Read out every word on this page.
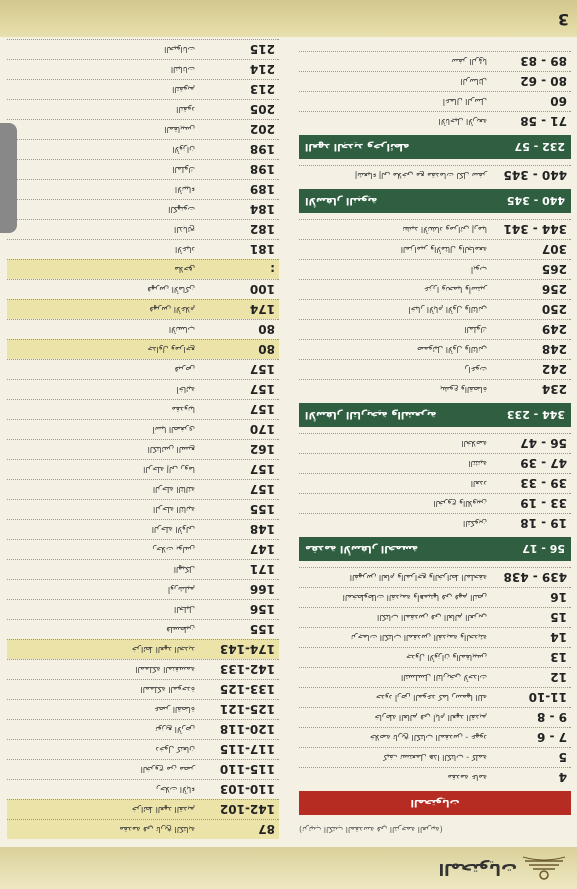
المحتويات
87
مقدمة في تاريخ الكتابة
142-102
خرائط العهد القديم
110-103
رحلات الآباء
115-110
الخروج من مصر
117-115
دخول كنعان
120-118
توزيع الأرض
125-121
عصر القضاة
133-125
المملكة الموحدة
142-133
المملكة المنقسمة
174-143
خرائط العهد الجديد
155
فلسطين
156
الجليل
166
أورشليم
171
الهيكل
147
رحلات بولس
148
الرحلة الأولى
155
الرحلة الثانية
157
الرحلة الثالثة
157
الرحلة إلى روما
162
الكنائس السبع
170
آسيا الصغرى
157
مقدونيا
157
أخائية
157
قبرص
80
جداول ومراجع
80
الأنساب
174
فهرس الأعلام
100
فهرس الأماكن
:
ملاحق
181
الأعياد
182
الذبائح
184
الكهنوت
189
الأنبياء
198
الملوك
198
الأوزان
202
المقاييس
205
النقود
213
التقويم
214
النباتات
215
الحيوانات
(ترتيب الكتب المقدسة في الترجمة العربية)
المحتويات
4
مقدمة عامة
5
كيف تستعمل هذا الكتاب - كلمة
7 - 6
خلاصة تاريخ الكتاب المقدس - عهود
9 - 8
خارطة العالم في أيام العهد القديم
11-10
حدود أرض الموعد كما رسمها الله
12
التسلسل التاريخي لأحداث
13
جدول الأوزان والمقاييس
14
ترجمات الكتاب المقدس القديمة والحديثة
15
الكتاب المقدس في العالم العربي
16
المخطوطات القديمة وأهميتها في فهم النص
439 - 438
الفهرس العام والمراجع والخرائط الملحقة
56 - 17
مقدمة الأسفار الخمسة
19 - 18
التكوين
33 - 19
الخروج واللاويين
39 - 33
العدد
47 - 39
التثنية
56 - 47
الخلاصة
344 - 233
الأسفار التاريخية والشعرية
234
يشوع والقضاة
242
راعوث
248
صموئيل الأول والثاني
249
الملوك
250
أخبار الأيام الأول والثاني
256
عزرا ونحميا وأستير
265
أيوب
307
المزامير والأمثال والجامعة
344 - 341
نشيد الأنشاد ومراثي إرميا
440 - 345
الأسفار النبوية
440 - 345
إشعياء إلى ملاخي مع مقدمات لكل سفر
232 - 57
العهد الجديد وخرائطه
71 - 58
الأناجيل الأربعة
60
أعمال الرسل
80 - 62
الرسائل
89 - 83
سفر الرؤيا
3
